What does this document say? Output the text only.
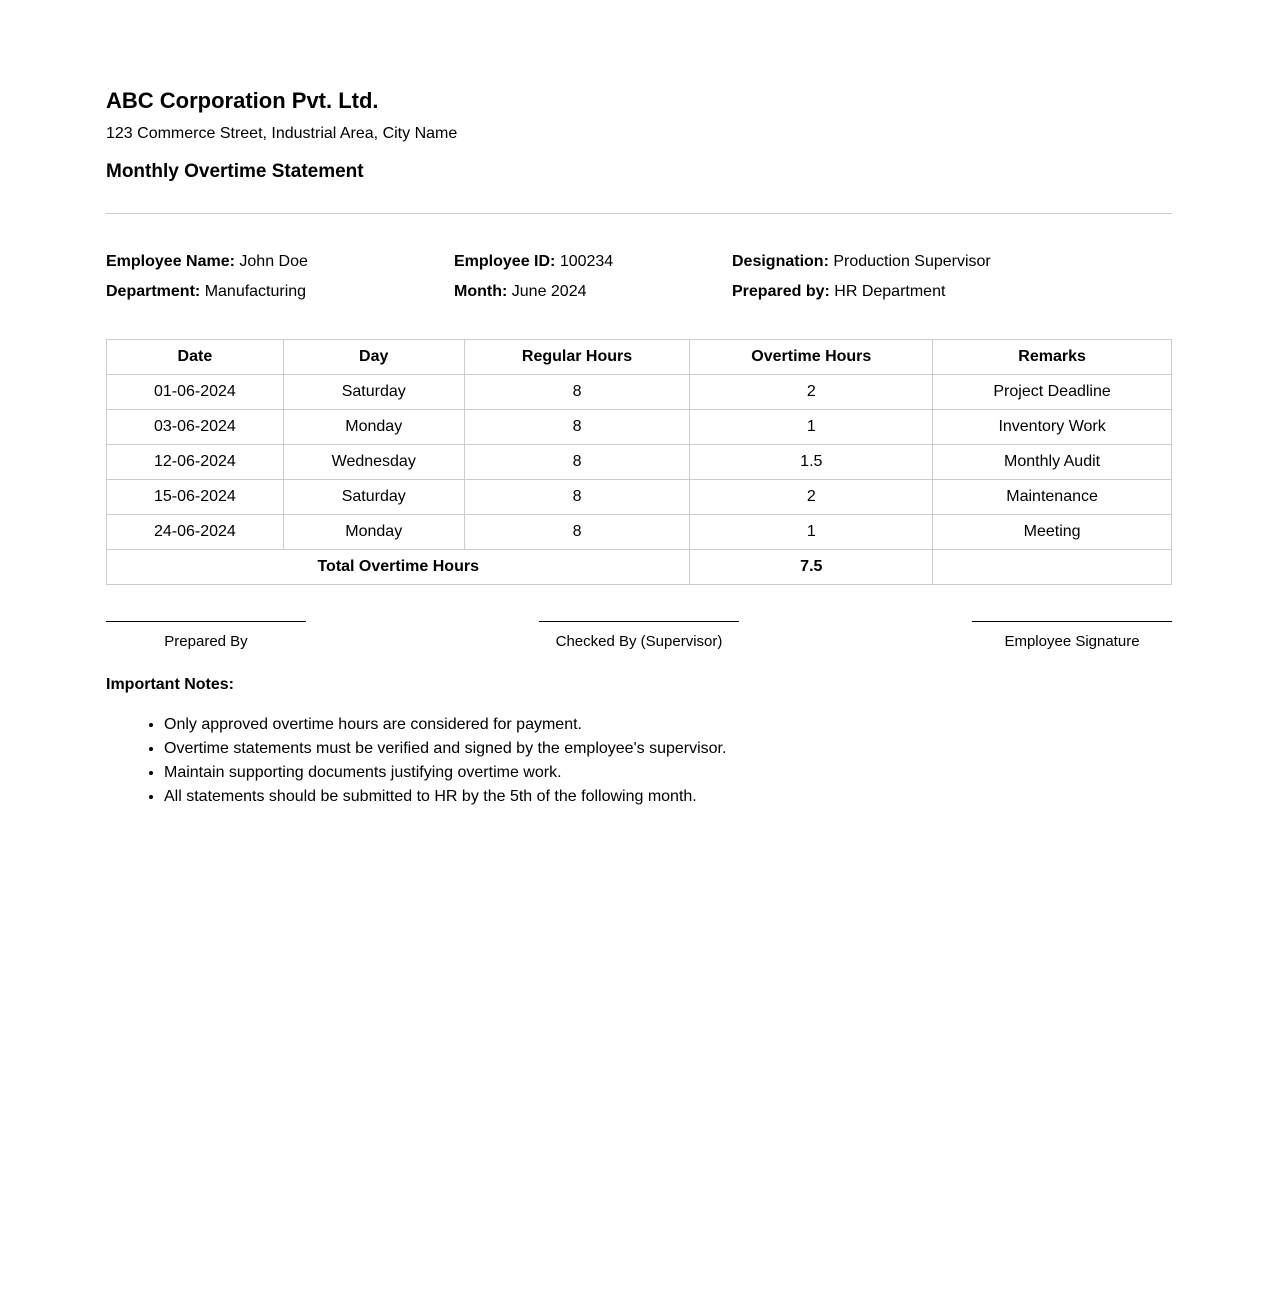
ABC Corporation Pvt. Ltd.
123 Commerce Street, Industrial Area, City Name
Monthly Overtime Statement
Employee Name: John Doe	Employee ID: 100234	Designation: Production Supervisor
Department: Manufacturing	Month: June 2024	Prepared by: HR Department
Date	Day	Regular Hours	Overtime Hours	Remarks
01-06-2024	Saturday	8	2	Project Deadline
03-06-2024	Monday	8	1	Inventory Work
12-06-2024	Wednesday	8	1.5	Monthly Audit
15-06-2024	Saturday	8	2	Maintenance
24-06-2024	Monday	8	1	Meeting
Total Overtime Hours			7.5	
Prepared By	Checked By (Supervisor)	Employee Signature
Important Notes:
• Only approved overtime hours are considered for payment.
• Overtime statements must be verified and signed by the employee's supervisor.
• Maintain supporting documents justifying overtime work.
• All statements should be submitted to HR by the 5th of the following month.
